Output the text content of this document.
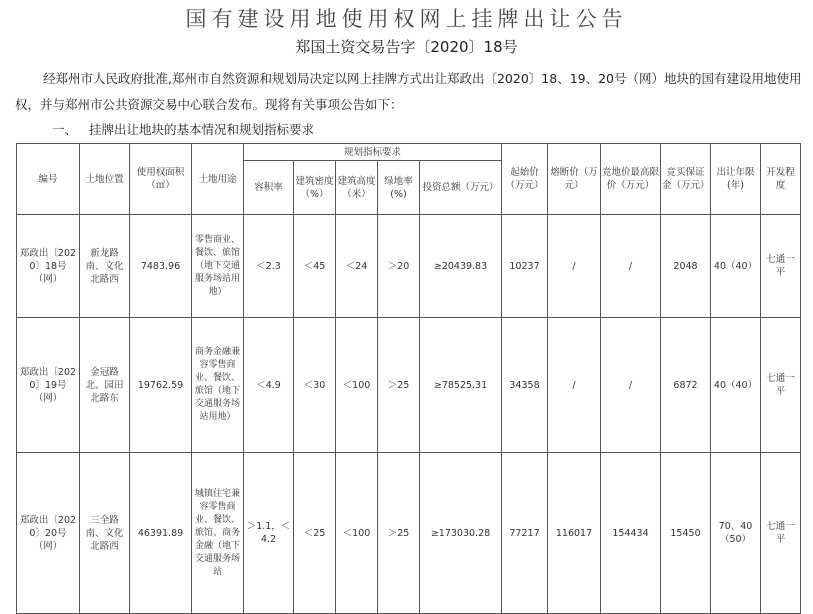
国有建设用地使用权网上挂牌出让公告
郑国土资交易告字〔2020〕18号
经郑州市人民政府批准,郑州市自然资源和规划局决定以网上挂牌方式出让郑政出〔2020〕18、19、20号（网）地块的国有建设用地使用权，并与郑州市公共资源交易中心联合发布。现将有关事项公告如下：
一、 挂牌出让地块的基本情况和规划指标要求
编号	土地位置	使用权面积（㎡）	土地用途	规划指标要求					起始价（万元）	熔断价（万元）	竞地价最高限价（万元）	竞买保证金（万元）	出让年限(年)	开发程度
				容积率	建筑密度（%）	建筑高度（米）	绿地率(%)	投资总额（万元）						
郑政出〔2020〕18号（网）	新龙路南、文化北路西	7483.96	零售商业、餐饮、旅馆（地下交通服务场站用地）	＜2.3	＜45	＜24	＞20	≥20439.83	10237	/	/	2048	40（40）	七通一平
郑政出〔2020〕19号（网）	金冠路北、园田北路东	19762.59	商务金融兼容零售商业、餐饮、旅馆（地下交通服务场站用地）	＜4.9	＜30	＜100	＞25	≥78525.31	34358	/	/	6872	40（40）	七通一平
郑政出〔2020〕20号（网）	三全路南、文化北路西	46391.89	城镇住宅兼容零售商业、餐饮、旅馆、商务金融（地下交通服务场站	＞1.1，＜4.2	＜25	＜100	＞25	≥173030.28	77217	116017	154434	15450	70、40（50）	七通一平
